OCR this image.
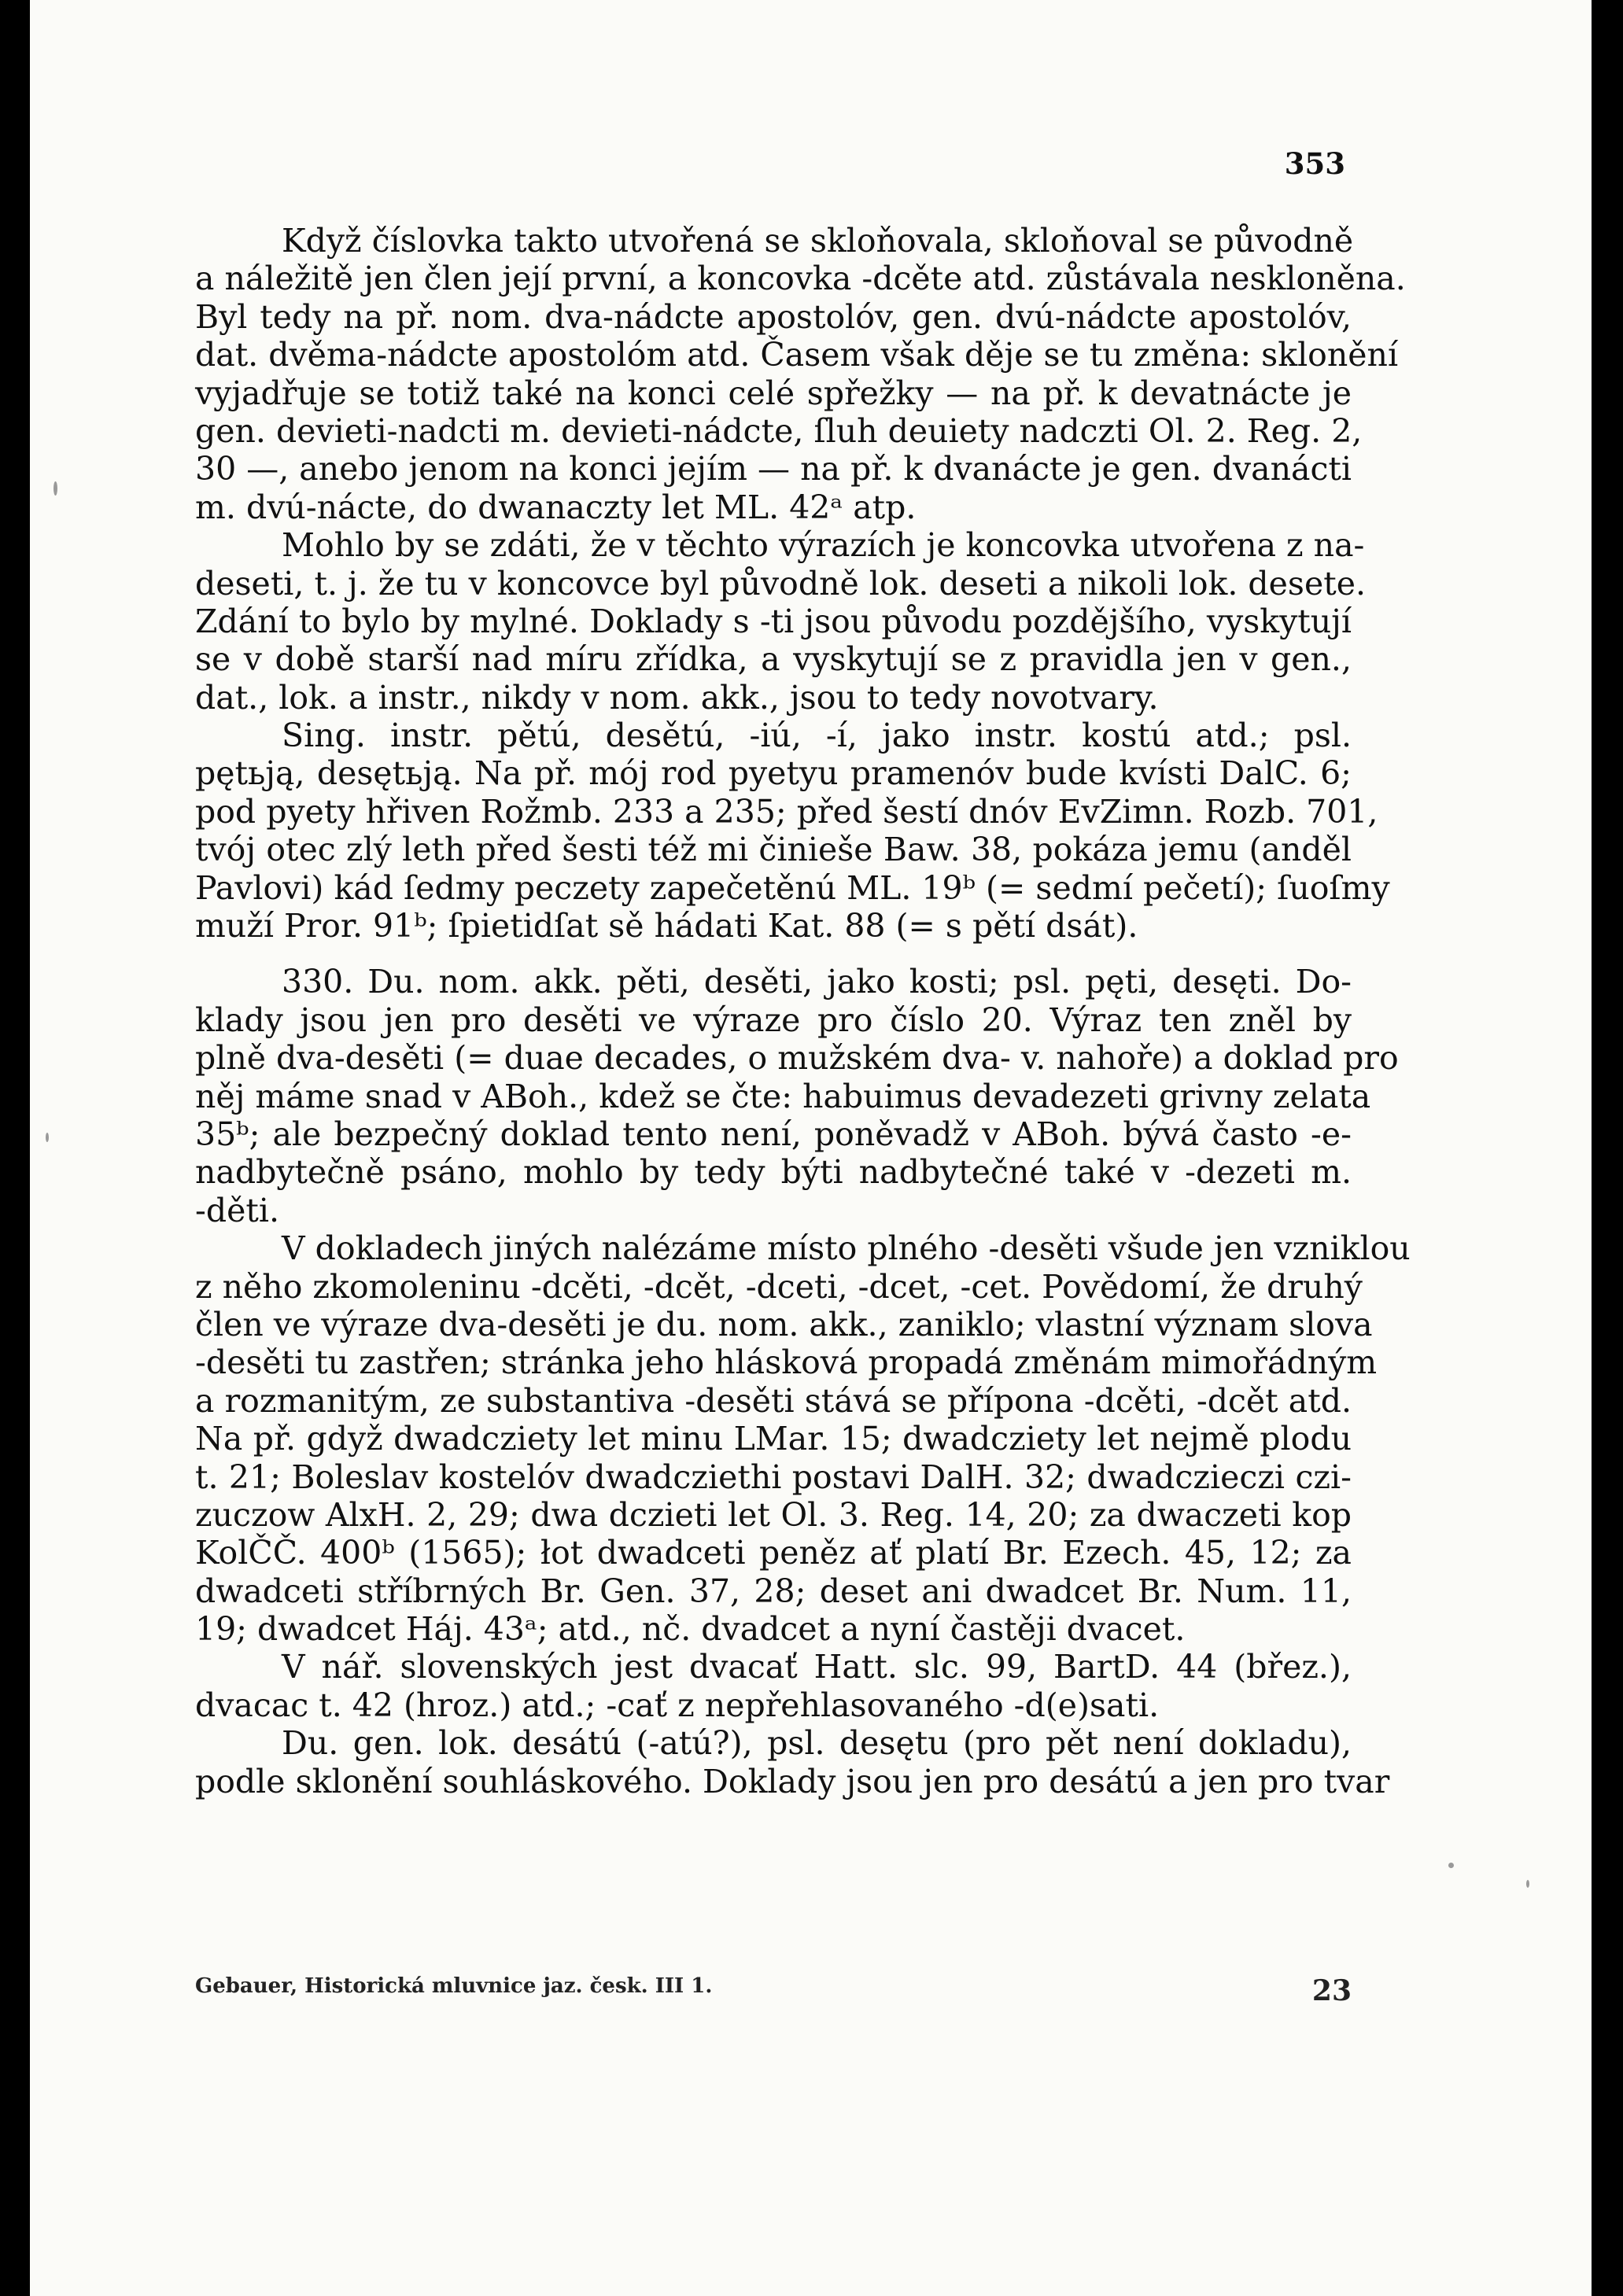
353
Když číslovka takto utvořená se skloňovala, skloňoval se původně
a náležitě jen člen její první, a koncovka -dcěte atd. zůstávala neskloněna.
Byl tedy na př. nom. dva-nádcte apostolóv, gen. dvú-nádcte apostolóv,
dat. dvěma-nádcte apostolóm atd. Časem však děje se tu změna: sklonění
vyjadřuje se totiž také na konci celé spřežky — na př. k devatnácte je
gen. devieti-nadcti m. devieti-nádcte, ſluh deuiety nadczti Ol. 2. Reg. 2,
30 —, anebo jenom na konci jejím — na př. k dvanácte je gen. dvanácti
m. dvú-nácte, do dwanaczty let ML. 42ᵃ atp.
Mohlo by se zdáti, že v těchto výrazích je koncovka utvořena z na-
deseti, t. j. že tu v koncovce byl původně lok. deseti a nikoli lok. desete.
Zdání to bylo by mylné. Doklady s -ti jsou původu pozdějšího, vyskytují
se v době starší nad míru zřídka, a vyskytují se z pravidla jen v gen.,
dat., lok. a instr., nikdy v nom. akk., jsou to tedy novotvary.
Sing. instr. pětú, desětú, -iú, -í, jako instr. kostú atd.; psl.
pętьją, desętьją. Na př. mój rod pyetyu pramenóv bude kvísti DalC. 6;
pod pyety hřiven Rožmb. 233 a 235; před šestí dnóv EvZimn. Rozb. 701,
tvój otec zlý leth před šesti též mi činieše Baw. 38, pokáza jemu (anděl
Pavlovi) kád ſedmy peczety zapečetěnú ML. 19ᵇ (= sedmí pečetí); ſuoſmy
muží Pror. 91ᵇ; ſpietidſat sě hádati Kat. 88 (= s pětí dsát).
330. Du. nom. akk. pěti, desěti, jako kosti; psl. pęti, desęti. Do-
klady jsou jen pro desěti ve výraze pro číslo 20. Výraz ten zněl by
plně dva-desěti (= duae decades, o mužském dva- v. nahoře) a doklad pro
něj máme snad v ABoh., kdež se čte: habuimus devadezeti grivny zelata
35ᵇ; ale bezpečný doklad tento není, poněvadž v ABoh. bývá často -e-
nadbytečně psáno, mohlo by tedy býti nadbytečné také v -dezeti m.
-děti.
V dokladech jiných nalézáme místo plného -desěti všude jen vzniklou
z něho zkomoleninu -dcěti, -dcět, -dceti, -dcet, -cet. Povědomí, že druhý
člen ve výraze dva-desěti je du. nom. akk., zaniklo; vlastní význam slova
-desěti tu zastřen; stránka jeho hlásková propadá změnám mimořádným
a rozmanitým, ze substantiva -desěti stává se přípona -dcěti, -dcět atd.
Na př. gdyž dwadcziety let minu LMar. 15; dwadcziety let nejmě plodu
t. 21; Boleslav kostelóv dwadcziethi postavi DalH. 32; dwadczieczi czi-
zuczow AlxH. 2, 29; dwa dczieti let Ol. 3. Reg. 14, 20; za dwaczeti kop
KolČČ. 400ᵇ (1565); łot dwadceti peněz ať platí Br. Ezech. 45, 12; za
dwadceti stříbrných Br. Gen. 37, 28; deset ani dwadcet Br. Num. 11,
19; dwadcet Háj. 43ᵃ; atd., nč. dvadcet a nyní častěji dvacet.
V nář. slovenských jest dvacať Hatt. slc. 99, BartD. 44 (břez.),
dvacac t. 42 (hroz.) atd.; -cať z nepřehlasovaného -d(e)sati.
Du. gen. lok. desátú (-atú?), psl. desętu (pro pět není dokladu),
podle sklonění souhláskového. Doklady jsou jen pro desátú a jen pro tvar
Gebauer, Historická mluvnice jaz. česk. III 1.	23
